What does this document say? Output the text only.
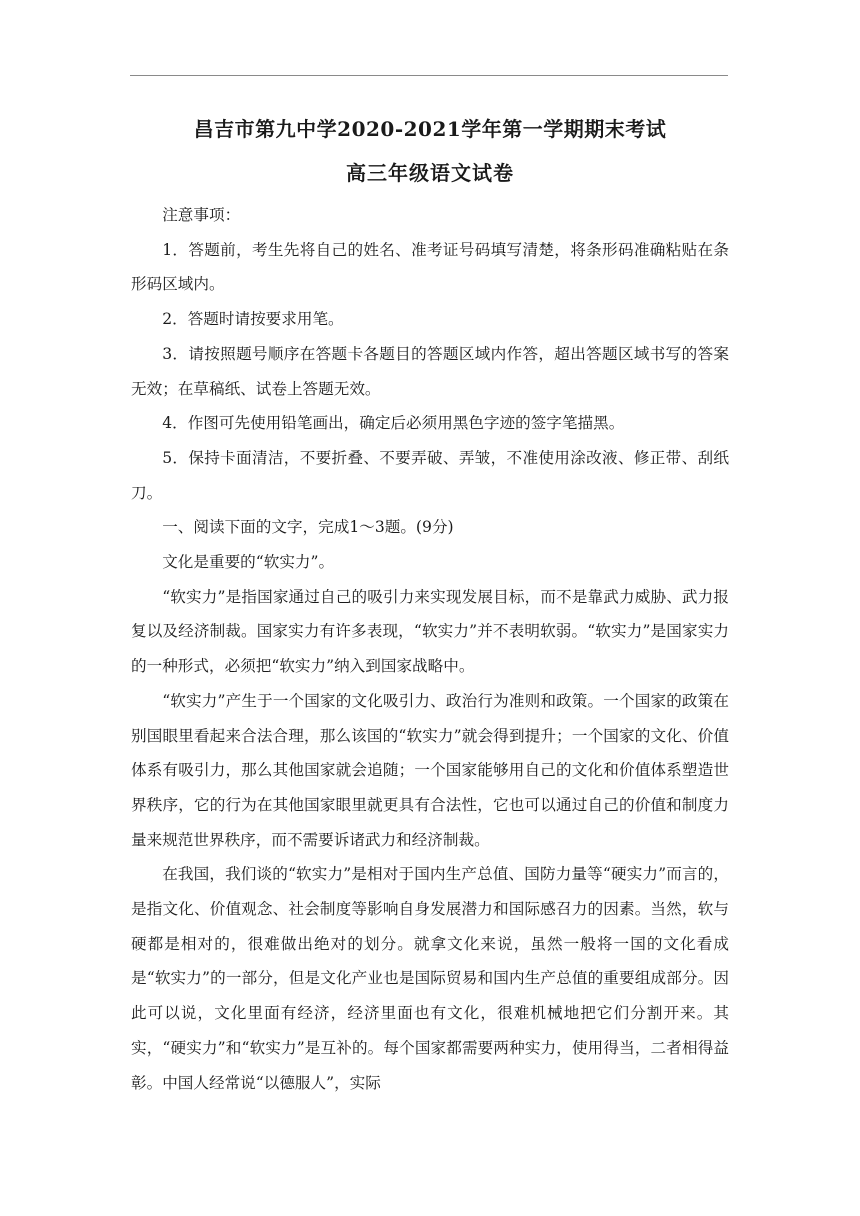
昌吉市第九中学2020-2021学年第一学期期末考试
高三年级语文试卷

注意事项：

1．答题前，考生先将自己的姓名、准考证号码填写清楚，将条形码准确粘贴在条形码区域内。

2．答题时请按要求用笔。

3．请按照题号顺序在答题卡各题目的答题区域内作答，超出答题区域书写的答案无效；在草稿纸、试卷上答题无效。

4．作图可先使用铅笔画出，确定后必须用黑色字迹的签字笔描黑。

5．保持卡面清洁，不要折叠、不要弄破、弄皱，不准使用涂改液、修正带、刮纸刀。

一、阅读下面的文字，完成1～3题。(9分)

文化是重要的“软实力”。

“软实力”是指国家通过自己的吸引力来实现发展目标，而不是靠武力威胁、武力报复以及经济制裁。国家实力有许多表现，“软实力”并不表明软弱。“软实力”是国家实力的一种形式，必须把“软实力”纳入到国家战略中。

“软实力”产生于一个国家的文化吸引力、政治行为准则和政策。一个国家的政策在别国眼里看起来合法合理，那么该国的“软实力”就会得到提升；一个国家的文化、价值体系有吸引力，那么其他国家就会追随；一个国家能够用自己的文化和价值体系塑造世界秩序，它的行为在其他国家眼里就更具有合法性，它也可以通过自己的价值和制度力量来规范世界秩序，而不需要诉诸武力和经济制裁。

在我国，我们谈的“软实力”是相对于国内生产总值、国防力量等“硬实力”而言的，是指文化、价值观念、社会制度等影响自身发展潜力和国际感召力的因素。当然，软与硬都是相对的，很难做出绝对的划分。就拿文化来说，虽然一般将一国的文化看成是“软实力”的一部分，但是文化产业也是国际贸易和国内生产总值的重要组成部分。因此可以说，文化里面有经济，经济里面也有文化，很难机械地把它们分割开来。其实，“硬实力”和“软实力”是互补的。每个国家都需要两种实力，使用得当，二者相得益彰。中国人经常说“以德服人”，实际
